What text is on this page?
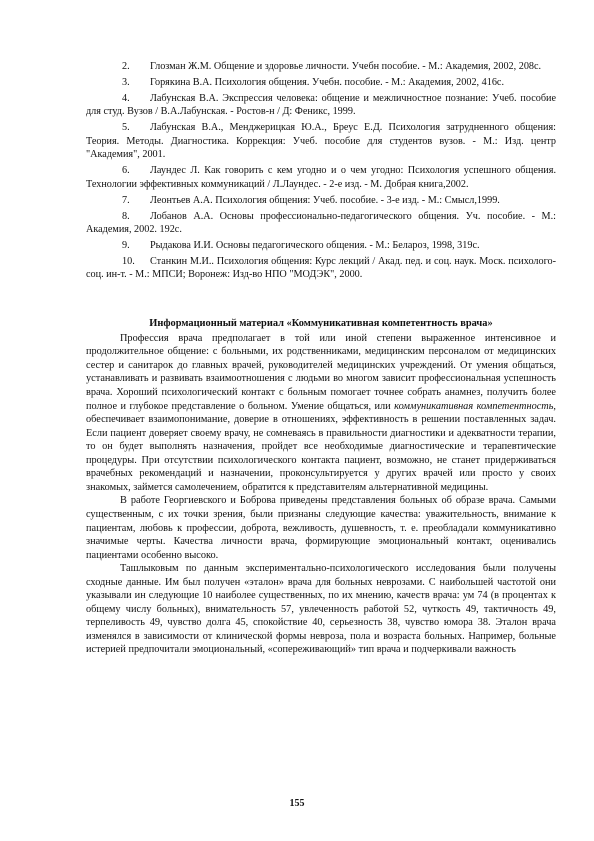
2. Глозман Ж.М. Общение и здоровье личности. Учебн пособие. - М.: Академия, 2002, 208с.

3. Горякина В.А. Психология общения. Учебн. пособие. - М.: Академия, 2002, 416с.

4. Лабунская В.А. Экспрессия человека: общение и межличностное познание: Учеб. пособие для студ. Вузов / В.А.Лабунская. - Ростов-н / Д: Феникс, 1999.

5. Лабунская В.А., Менджерицкая Ю.А., Бреус Е.Д. Психология затрудненного общения: Теория. Методы. Диагностика. Коррекция: Учеб. пособие для студентов вузов. - М.: Изд. центр "Академия", 2001.

6. Лаундес Л. Как говорить с кем угодно и о чем угодно: Психология успешного общения. Технологии эффективных коммуникаций / Л.Лаундес. - 2-е изд. - М. Добрая книга,2002.

7. Леонтьев А.А. Психология общения: Учеб. пособие. - 3-е изд. - М.: Смысл,1999.

8. Лобанов А.А. Основы профессионально-педагогического общения. Уч. пособие. - М.: Академия, 2002. 192с.

9. Рыдакова И.И. Основы педагогического общения. - М.: Белароз, 1998, 319с.

10. Станкин М.И.. Психология общения: Курс лекций / Акад. пед. и соц. наук. Моск. психолого-соц. ин-т. - М.: МПСИ; Воронеж: Изд-во НПО "МОДЭК", 2000.

Информационный материал «Коммуникативная компетентность врача»

Профессия врача предполагает в той или иной степени выраженное интенсивное и продолжительное общение: с больными, их родственниками, медицинским персоналом от медицинских сестер и санитарок до главных врачей, руководителей медицинских учреждений. От умения общаться, устанавливать и развивать взаимоотношения с людьми во многом зависит профессиональная успешность врача. Хороший психологический контакт с больным помогает точнее собрать анамнез, получить более полное и глубокое представление о больном. Умение общаться, или коммуникативная компетентность, обеспечивает взаимопонимание, доверие в отношениях, эффективность в решении поставленных задач. Если пациент доверяет своему врачу, не сомневаясь в правильности диагностики и адекватности терапии, то он будет выполнять назначения, пройдет все необходимые диагностические и терапевтические процедуры. При отсутствии психологического контакта пациент, возможно, не станет придерживаться врачебных рекомендаций и назначении, проконсультируется у других врачей или просто у своих знакомых, займется самолечением, обратится к представителям альтернативной медицины.

В работе Георгиевского и Боброва приведены представления больных об образе врача. Самыми существенным, с их точки зрения, были признаны следующие качества: уважительность, внимание к пациентам, любовь к профессии, доброта, вежливость, душевность, т. е. преобладали коммуникативно значимые черты. Качества личности врача, формирующие эмоциональный контакт, оценивались пациентами особенно высоко.

Ташлыковым по данным экспериментально-психологического исследования были получены сходные данные. Им был получен «эталон» врача для больных неврозами. С наибольшей частотой они указывали ин следующие 10 наиболее существенных, по их мнению, качеств врача: ум 74 (в процентах к общему числу больных), внимательность 57, увлеченность работой 52, чуткость 49, тактичность 49, терпеливость 49, чувство долга 45, спокойствие 40, серьезность 38, чувство юмора 38. Эталон врача изменялся в зависимости от клинической формы невроза, пола и возраста больных. Например, больные истерией предпочитали эмоциональный, «сопереживающий» тип врача и подчеркивали важность

155
